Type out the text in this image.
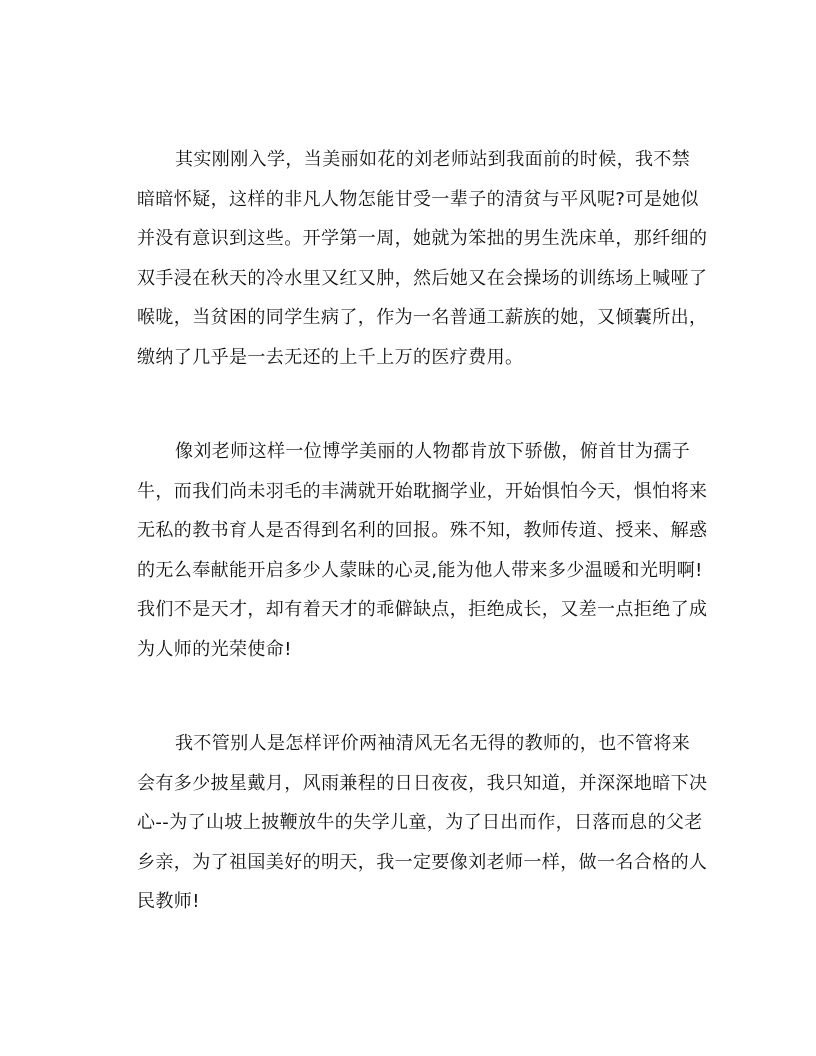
其实刚刚入学，当美丽如花的刘老师站到我面前的时候，我不禁
暗暗怀疑，这样的非凡人物怎能甘受一辈子的清贫与平风呢?可是她似
并没有意识到这些。开学第一周，她就为笨拙的男生洗床单，那纤细的
双手浸在秋天的冷水里又红又肿，然后她又在会操场的训练场上喊哑了
喉咙，当贫困的同学生病了，作为一名普通工薪族的她，又倾囊所出，
缴纳了几乎是一去无还的上千上万的医疗费用。
像刘老师这样一位博学美丽的人物都肯放下骄傲，俯首甘为孺子
牛，而我们尚未羽毛的丰满就开始耽搁学业，开始惧怕今天，惧怕将来
无私的教书育人是否得到名利的回报。殊不知，教师传道、授来、解惑
的无么奉献能开启多少人蒙昧的心灵,能为他人带来多少温暖和光明啊!
我们不是天才，却有着天才的乖僻缺点，拒绝成长，又差一点拒绝了成
为人师的光荣使命!
我不管别人是怎样评价两袖清风无名无得的教师的，也不管将来
会有多少披星戴月，风雨兼程的日日夜夜，我只知道，并深深地暗下决
心--为了山坡上披鞭放牛的失学儿童，为了日出而作，日落而息的父老
乡亲，为了祖国美好的明天，我一定要像刘老师一样，做一名合格的人
民教师!
